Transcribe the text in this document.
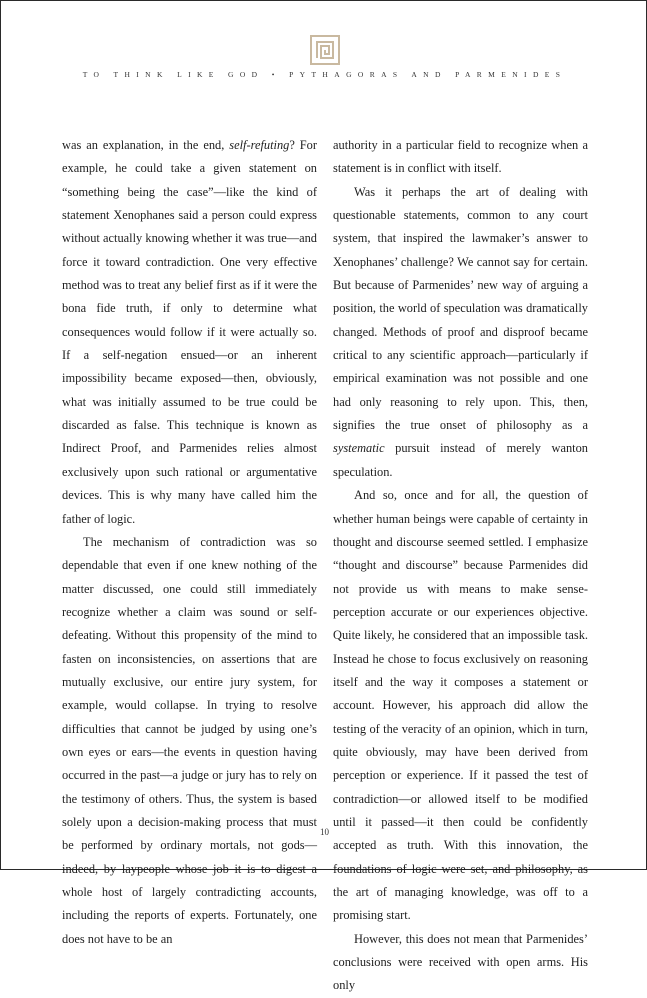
TO THINK LIKE GOD • PYTHAGORAS AND PARMENIDES

was an explanation, in the end, self-refuting? For example, he could take a given statement on “something being the case”—like the kind of statement Xenophanes said a person could express without actually knowing whether it was true—and force it toward contradiction. One very effective method was to treat any belief first as if it were the bona fide truth, if only to determine what consequences would follow if it were actually so. If a self-negation ensued—or an inherent impossibility became exposed—then, obviously, what was initially assumed to be true could be discarded as false. This technique is known as Indirect Proof, and Parmenides relies almost exclusively upon such rational or argumentative devices. This is why many have called him the father of logic.

The mechanism of contradiction was so dependable that even if one knew nothing of the matter discussed, one could still immediately recognize whether a claim was sound or self-defeating. Without this propensity of the mind to fasten on inconsistencies, on assertions that are mutually exclusive, our entire jury system, for example, would collapse. In trying to resolve difficulties that cannot be judged by using one’s own eyes or ears—the events in question having occurred in the past—a judge or jury has to rely on the testimony of others. Thus, the system is based solely upon a decision-making process that must be performed by ordinary mortals, not gods—indeed, by laypeople whose job it is to digest a whole host of largely contradicting accounts, including the reports of experts. Fortunately, one does not have to be an

authority in a particular field to recognize when a statement is in conflict with itself.

Was it perhaps the art of dealing with questionable statements, common to any court system, that inspired the lawmaker’s answer to Xenophanes’ challenge? We cannot say for certain. But because of Parmenides’ new way of arguing a position, the world of speculation was dramatically changed. Methods of proof and disproof became critical to any scientific approach—particularly if empirical examination was not possible and one had only reasoning to rely upon. This, then, signifies the true onset of philosophy as a systematic pursuit instead of merely wanton speculation.

And so, once and for all, the question of whether human beings were capable of certainty in thought and discourse seemed settled. I emphasize “thought and discourse” because Parmenides did not provide us with means to make sense-perception accurate or our experiences objective. Quite likely, he considered that an impossible task. Instead he chose to focus exclusively on reasoning itself and the way it composes a statement or account. However, his approach did allow the testing of the veracity of an opinion, which in turn, quite obviously, may have been derived from perception or experience. If it passed the test of contradiction—or allowed itself to be modified until it passed—it then could be confidently accepted as truth. With this innovation, the foundations of logic were set, and philosophy, as the art of managing knowledge, was off to a promising start.

However, this does not mean that Parmenides’ conclusions were received with open arms. His only

10
